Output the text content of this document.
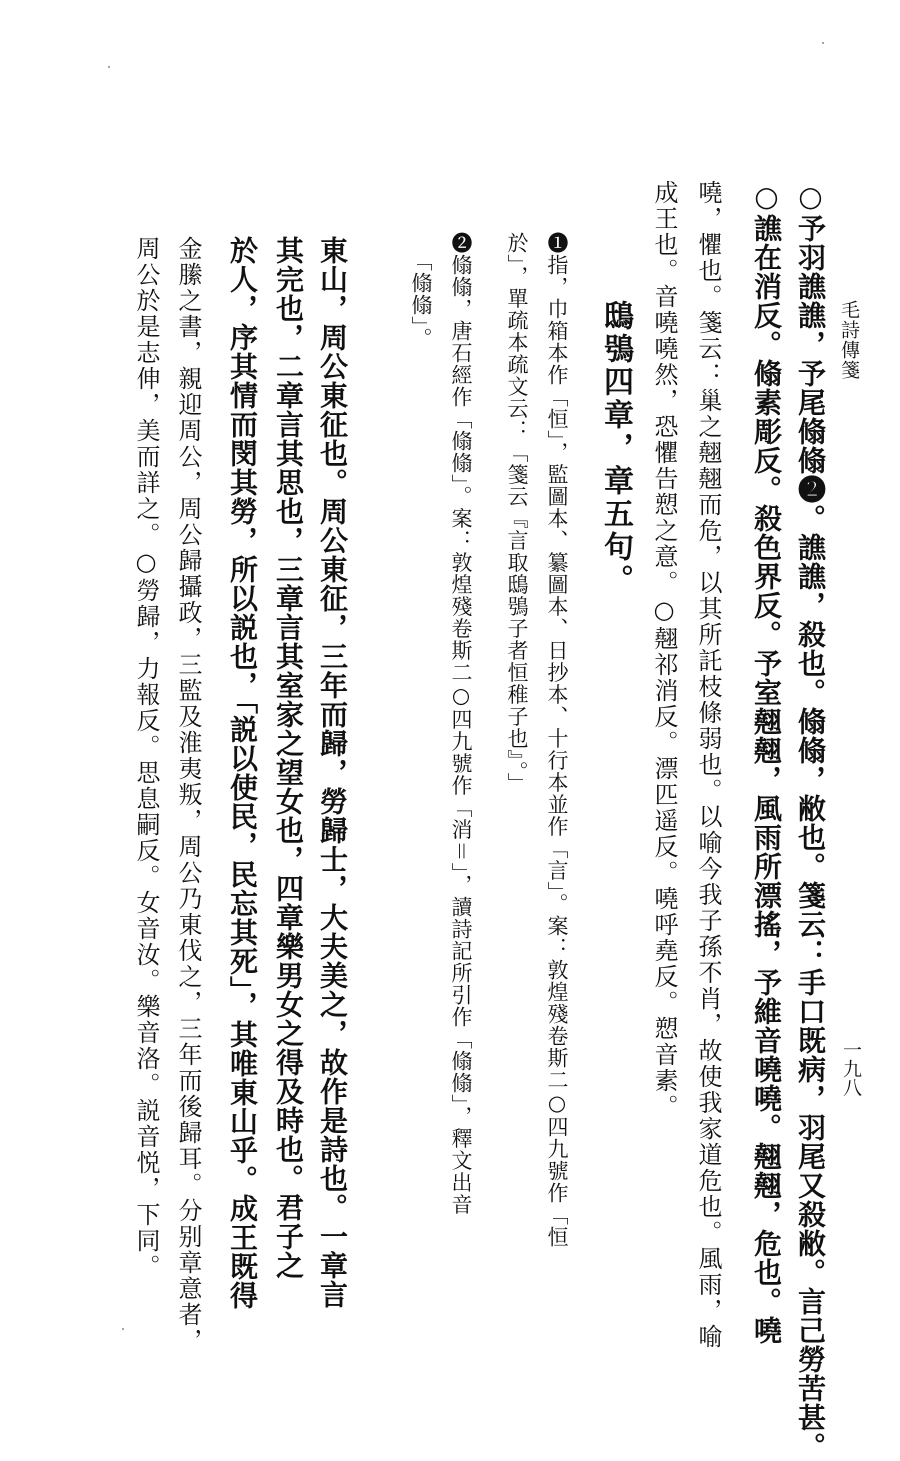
毛詩傳箋
一九八
○予羽譙譙，予尾翛翛❷。譙譙，殺也。翛翛，敝也。箋云：手口既病，羽尾又殺敝。言己勞苦甚。
○譙在消反。翛素彫反。殺色界反。予室翹翹，風雨所漂搖，予維音嘵嘵。翹翹，危也。嘵
嘵，懼也。箋云：巢之翹翹而危，以其所託枝條弱也。以喻今我子孫不肖，故使我家道危也。風雨，喻
成王也。音嘵嘵然，恐懼告愬之意。○翹祁消反。漂匹遥反。嘵呼堯反。愬音素。
鴟鴞四章，章五句。
❶指，巾箱本作「恒」，監圖本、纂圖本、日抄本、十行本並作「言」。案：敦煌殘卷斯二○四九號作「恒
於」，單疏本疏文云：「箋云『言取鴟鴞子者恒稚子也』。」
❷翛翛，唐石經作「翛翛」。案：敦煌殘卷斯二○四九號作「消＝」，讀詩記所引作「翛翛」，釋文出音
「翛翛」。
東山，周公東征也。周公東征，三年而歸，勞歸士，大夫美之，故作是詩也。一章言
其完也，二章言其思也，三章言其室家之望女也，四章樂男女之得及時也。君子之
於人，序其情而閔其勞，所以説也，「説以使民，民忘其死」，其唯東山乎。成王既得
金縢之書，親迎周公，周公歸攝政，三監及淮夷叛，周公乃東伐之，三年而後歸耳。分别章意者，
周公於是志伸，美而詳之。○勞歸，力報反。思息嗣反。女音汝。樂音洛。説音悦，下同。
